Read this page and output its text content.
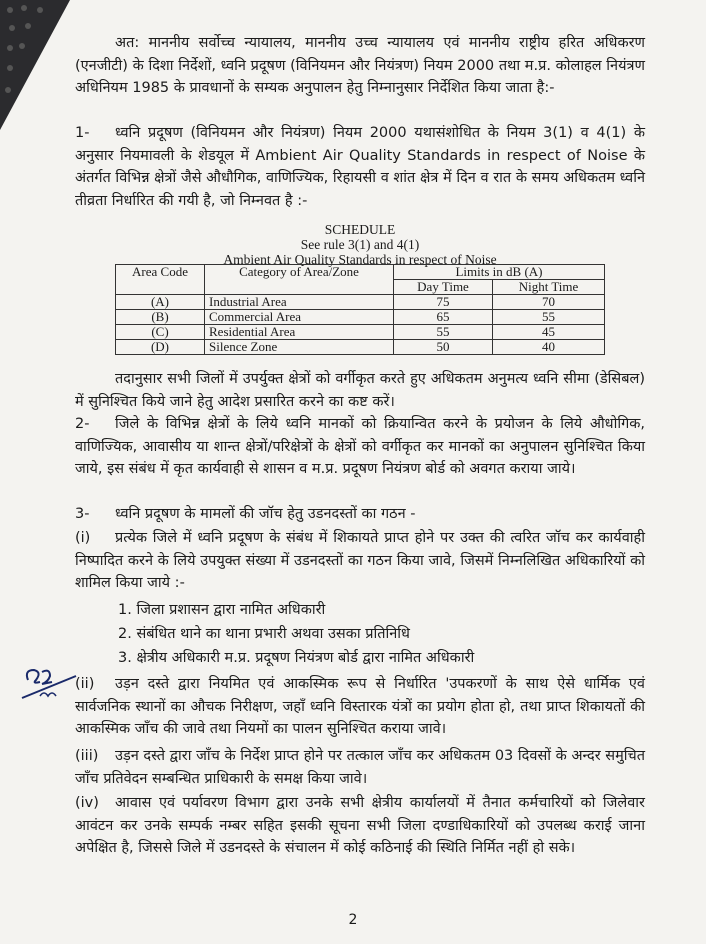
अत: माननीय सर्वोच्च न्यायालय, माननीय उच्च न्यायालय एवं माननीय राष्ट्रीय हरित अधिकरण (एनजीटी) के दिशा निर्देशों, ध्वनि प्रदूषण (विनियमन और नियंत्रण) नियम 2000 तथा म.प्र. कोलाहल नियंत्रण अधिनियम 1985 के प्रावधानों के सम्यक अनुपालन हेतु निम्नानुसार निर्देशित किया जाता है:-
1- ध्वनि प्रदूषण (विनियमन और नियंत्रण) नियम 2000 यथासंशोधित के नियम 3(1) व 4(1) के अनुसार नियमावली के शेडयूल में Ambient Air Quality Standards in respect of Noise के अंतर्गत विभिन्न क्षेत्रों जैसे औधौगिक, वाणिज्यिक, रिहायसी व शांत क्षेत्र में दिन व रात के समय अधिकतम ध्वनि तीव्रता निर्धारित की गयी है, जो निम्नवत है :-
SCHEDULE
See rule 3(1) and 4(1)
Ambient Air Quality Standards in respect of Noise
Area Code	Category of Area/Zone	Limits in dB (A)	
		Day Time	Night Time
(A)	Industrial Area	75	70
(B)	Commercial Area	65	55
(C)	Residential Area	55	45
(D)	Silence Zone	50	40
तदानुसार सभी जिलों में उपर्युक्त क्षेत्रों को वर्गीकृत करते हुए अधिकतम अनुमत्य ध्वनि सीमा (डेसिबल) में सुनिश्चित किये जाने हेतु आदेश प्रसारित करने का कष्ट करें।
2- जिले के विभिन्न क्षेत्रों के लिये ध्वनि मानकों को क्रियान्वित करने के प्रयोजन के लिये औधोगिक, वाणिज्यिक, आवासीय या शान्त क्षेत्रों/परिक्षेत्रों के क्षेत्रों को वर्गीकृत कर मानकों का अनुपालन सुनिश्चित किया जाये, इस संबंध में कृत कार्यवाही से शासन व म.प्र. प्रदूषण नियंत्रण बोर्ड को अवगत कराया जाये।
3- ध्वनि प्रदूषण के मामलों की जॉच हेतु उडनदस्तों का गठन -
(i) प्रत्येक जिले में ध्वनि प्रदूषण के संबंध में शिकायते प्राप्त होने पर उक्त की त्वरित जॉच कर कार्यवाही निष्पादित करने के लिये उपयुक्त संख्या में उडनदस्तों का गठन किया जावे, जिसमें निम्नलिखित अधिकारियों को शामिल किया जाये :-
1. जिला प्रशासन द्वारा नामित अधिकारी
2. संबंधित थाने का थाना प्रभारी अथवा उसका प्रतिनिधि
3. क्षेत्रीय अधिकारी म.प्र. प्रदूषण नियंत्रण बोर्ड द्वारा नामित अधिकारी
(ii) उड़न दस्ते द्वारा नियमित एवं आकस्मिक रूप से निर्धारित 'उपकरणों के साथ ऐसे धार्मिक एवं सार्वजनिक स्थानों का औचक निरीक्षण, जहाँ ध्वनि विस्तारक यंत्रों का प्रयोग होता हो, तथा प्राप्त शिकायतों की आकस्मिक जाँच की जावे तथा नियमों का पालन सुनिश्चित कराया जावे।
(iii) उड़न दस्ते द्वारा जाँच के निर्देश प्राप्त होने पर तत्काल जाँच कर अधिकतम 03 दिवसों के अन्दर समुचित जाँच प्रतिवेदन सम्बन्धित प्राधिकारी के समक्ष किया जावे।
(iv) आवास एवं पर्यावरण विभाग द्वारा उनके सभी क्षेत्रीय कार्यालयों में तैनात कर्मचारियों को जिलेवार आवंटन कर उनके सम्पर्क नम्बर सहित इसकी सूचना सभी जिला दण्डाधिकारियों को उपलब्ध कराई जाना अपेक्षित है, जिससे जिले में उडनदस्ते के संचालन में कोई कठिनाई की स्थिति निर्मित नहीं हो सके।
2
